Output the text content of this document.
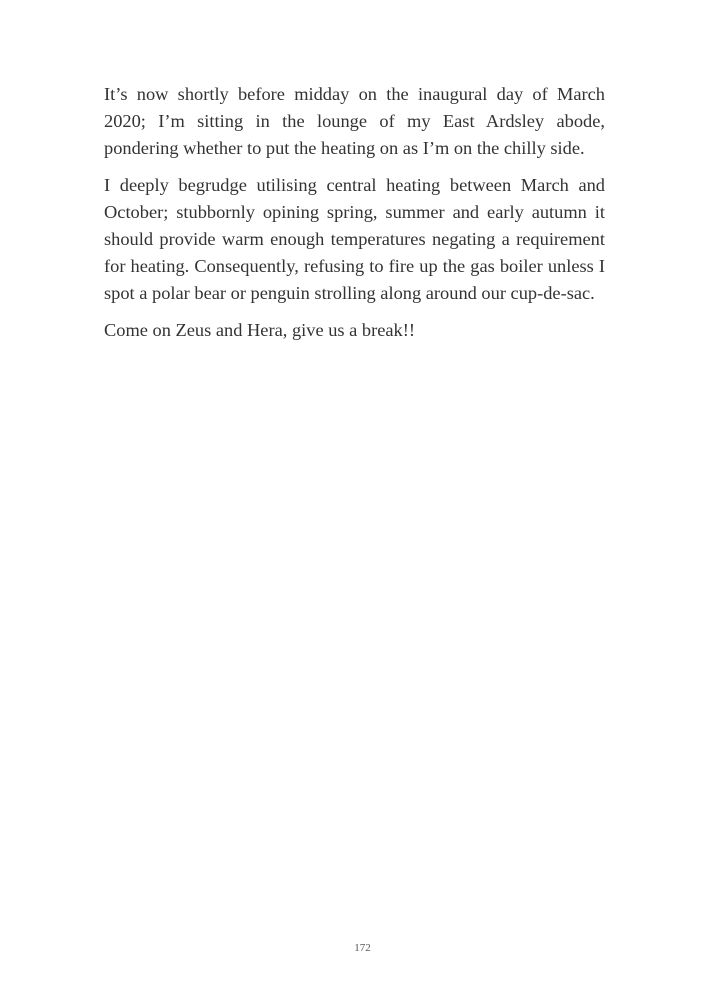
It’s now shortly before midday on the inaugural day of March 2020; I’m sitting in the lounge of my East Ardsley abode, pondering whether to put the heating on as I’m on the chilly side.

I deeply begrudge utilising central heating between March and October; stubbornly opining spring, summer and early autumn it should provide warm enough temperatures negating a requirement for heating. Consequently, refusing to fire up the gas boiler unless I spot a polar bear or penguin strolling along around our cup-de-sac.

Come on Zeus and Hera, give us a break!!

172
